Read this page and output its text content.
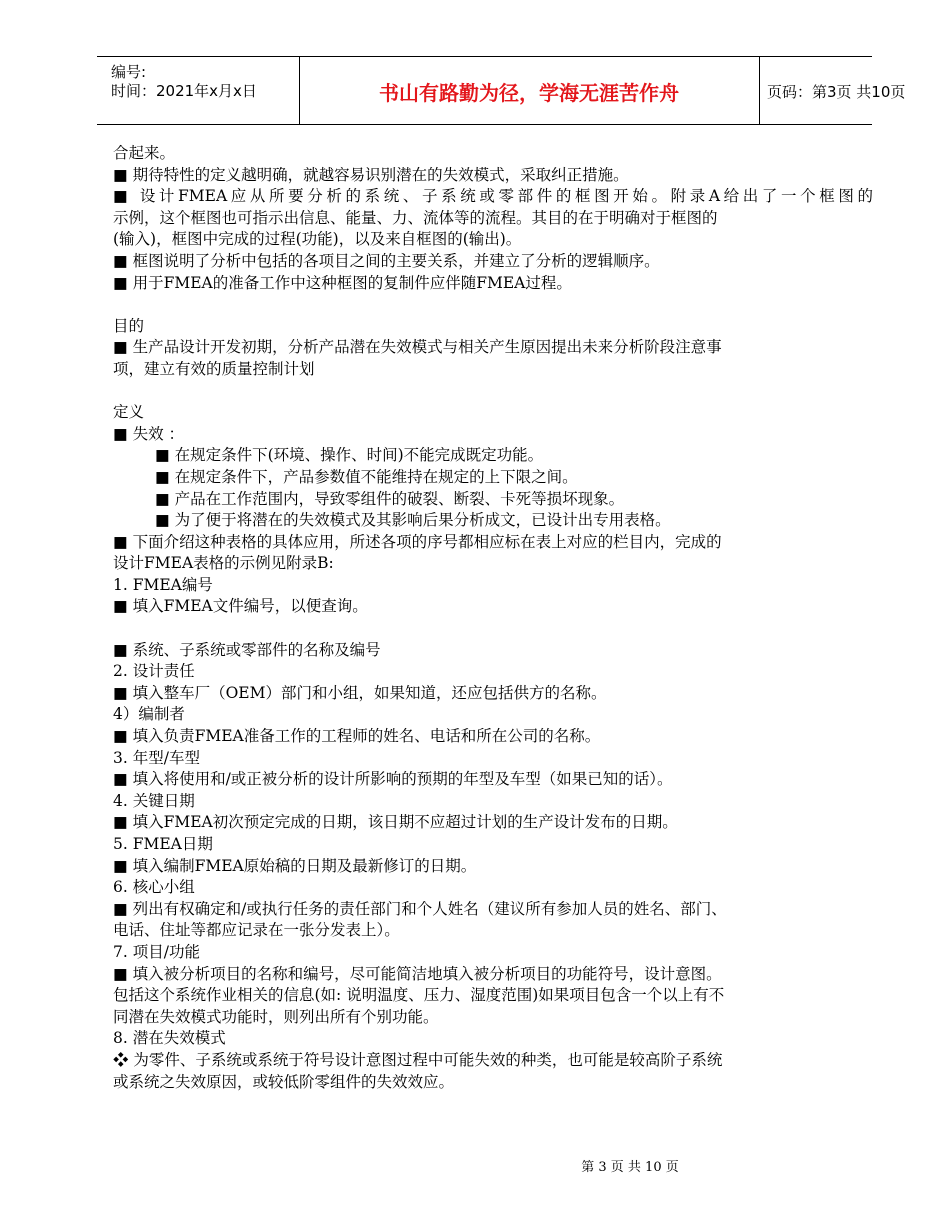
编号:
时间：2021年x月x日	书山有路勤为径，学海无涯苦作舟	页码：第3页 共10页
合起来。
■ 期待特性的定义越明确，就越容易识别潜在的失效模式，采取纠正措施。
■ 设计FMEA应从所要分析的系统、子系统或零部件的框图开始。附录A给出了一个框图的
示例，这个框图也可指示出信息、能量、力、流体等的流程。其目的在于明确对于框图的
(输入)，框图中完成的过程(功能)，以及来自框图的(输出)。
■ 框图说明了分析中包括的各项目之间的主要关系，并建立了分析的逻辑顺序。
■ 用于FMEA的准备工作中这种框图的复制件应伴随FMEA过程。
目的
■ 生产品设计开发初期，分析产品潜在失效模式与相关产生原因提出未来分析阶段注意事
项，建立有效的质量控制计划
定义
■ 失效 ：
■ 在规定条件下(环境、操作、时间)不能完成既定功能。
■ 在规定条件下，产品参数值不能维持在规定的上下限之间。
■ 产品在工作范围内，导致零组件的破裂、断裂、卡死等损坏现象。
■ 为了便于将潜在的失效模式及其影响后果分析成文，已设计出专用表格。
■ 下面介绍这种表格的具体应用，所述各项的序号都相应标在表上对应的栏目内，完成的
设计FMEA表格的示例见附录B:
1. FMEA编号
■ 填入FMEA文件编号，以便查询。
■ 系统、子系统或零部件的名称及编号
2. 设计责任
■ 填入整车厂（OEM）部门和小组，如果知道，还应包括供方的名称。
4）编制者
■ 填入负责FMEA准备工作的工程师的姓名、电话和所在公司的名称。
3. 年型/车型
■ 填入将使用和/或正被分析的设计所影响的预期的年型及车型（如果已知的话）。
4. 关键日期
■ 填入FMEA初次预定完成的日期，该日期不应超过计划的生产设计发布的日期。
5. FMEA日期
■ 填入编制FMEA原始稿的日期及最新修订的日期。
6. 核心小组
■ 列出有权确定和/或执行任务的责任部门和个人姓名（建议所有参加人员的姓名、部门、
电话、住址等都应记录在一张分发表上）。
7. 项目/功能
■ 填入被分析项目的名称和编号，尽可能简洁地填入被分析项目的功能符号，设计意图。
包括这个系统作业相关的信息(如: 说明温度、压力、湿度范围)如果项目包含一个以上有不
同潜在失效模式功能时，则列出所有个别功能。
8. 潜在失效模式
❖ 为零件、子系统或系统于符号设计意图过程中可能失效的种类，也可能是较高阶子系统
或系统之失效原因，或较低阶零组件的失效效应。
第 3 页 共 10 页
